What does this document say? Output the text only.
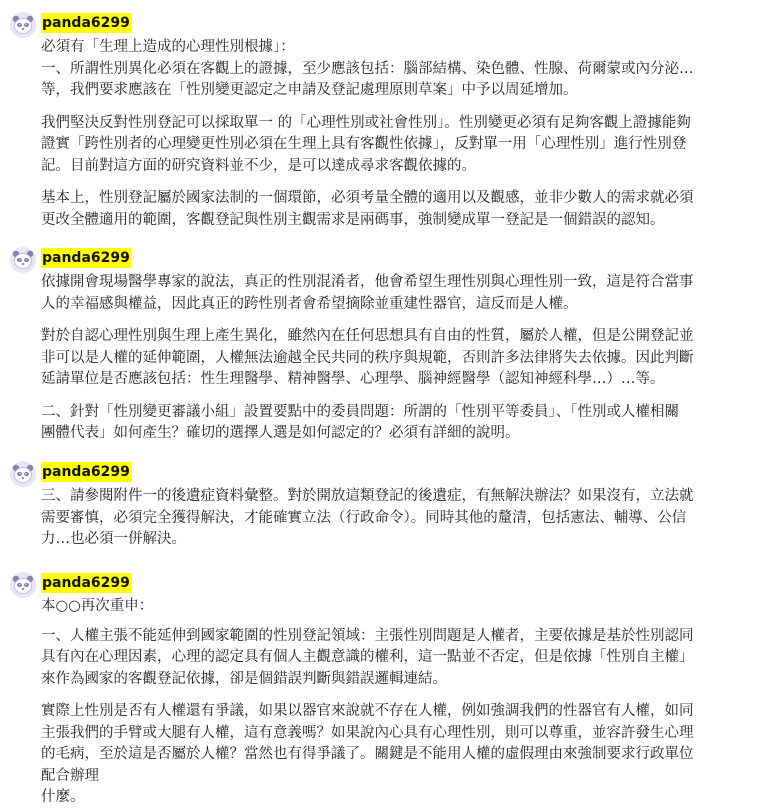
panda6299

必須有「生理上造成的心理性別根據」：
一、所謂性別異化必須在客觀上的證據，至少應該包括：腦部結構、染色體、性腺、荷爾蒙或內分泌…
等，我們要求應該在「性別變更認定之申請及登記處理原則草案」中予以周延增加。

我們堅決反對性別登記可以採取單一 的「心理性別或社會性別」。性別變更必須有足夠客觀上證據能夠
證實「跨性別者的心理變更性別必須在生理上具有客觀性依據」，反對單一用「心理性別」進行性別登
記。目前對這方面的研究資料並不少，是可以達成尋求客觀依據的。

基本上，性別登記屬於國家法制的一個環節，必須考量全體的適用以及觀感，並非少數人的需求就必須
更改全體適用的範圍，客觀登記與性別主觀需求是兩碼事，強制變成單一登記是一個錯誤的認知。

panda6299

依據開會現場醫學專家的說法，真正的性別混淆者，他會希望生理性別與心理性別一致，這是符合當事
人的幸福感與權益，因此真正的跨性別者會希望摘除並重建性器官，這反而是人權。

對於自認心理性別與生理上產生異化，雖然內在任何思想具有自由的性質，屬於人權，但是公開登記並
非可以是人權的延伸範圍，人權無法逾越全民共同的秩序與規範，否則許多法律將失去依據。因此判斷
延請單位是否應該包括：性生理醫學、精神醫學、心理學、腦神經醫學（認知神經科學…）…等。

二、針對「性別變更審議小組」設置要點中的委員問題：所謂的「性別平等委員」、「性別或人權相關
團體代表」如何產生？確切的選擇人選是如何認定的？必須有詳細的說明。

panda6299

三、請參閱附件一的後遺症資料彙整。對於開放這類登記的後遺症，有無解決辦法？如果沒有，立法就
需要審慎，必須完全獲得解決，才能確實立法（行政命令）。同時其他的釐清，包括憲法、輔導、公信
力…也必須一併解決。

panda6299

本○○再次重申：

一、人權主張不能延伸到國家範圍的性別登記領域：主張性別問題是人權者，主要依據是基於性別認同
具有內在心理因素，心理的認定具有個人主觀意識的權利，這一點並不否定，但是依據「性別自主權」
來作為國家的客觀登記依據，卻是個錯誤判斷與錯誤邏輯連結。

實際上性別是否有人權還有爭議，如果以器官來說就不存在人權，例如強調我們的性器官有人權，如同
主張我們的手臂或大腿有人權，這有意義嗎？如果說內心具有心理性別，則可以尊重，並容許發生心理
的毛病，至於這是否屬於人權？當然也有得爭議了。關鍵是不能用人權的虛假理由來強制要求行政單位
配合辦理
什麼。
